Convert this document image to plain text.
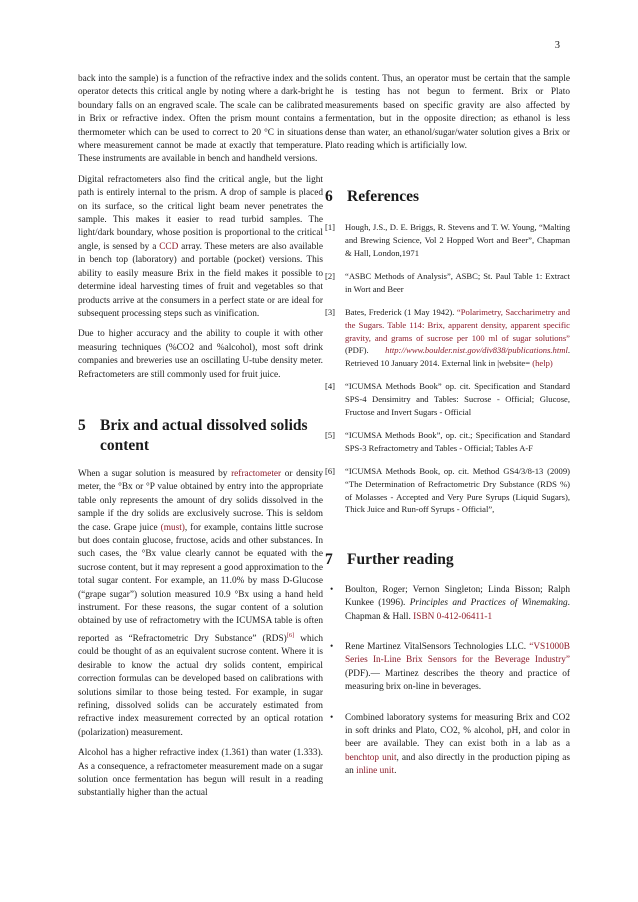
3

back into the sample) is a function of the refractive index and the operator detects this critical angle by noting where a dark-bright boundary falls on an engraved scale. The scale can be calibrated in Brix or refractive index. Often the prism mount contains a thermometer which can be used to correct to 20 °C in situations where measurement cannot be made at exactly that temperature. These instruments are available in bench and handheld versions.

Digital refractometers also find the critical angle, but the light path is entirely internal to the prism. A drop of sample is placed on its surface, so the critical light beam never penetrates the sample. This makes it easier to read turbid samples. The light/dark boundary, whose position is proportional to the critical angle, is sensed by a CCD array. These meters are also available in bench top (laboratory) and portable (pocket) versions. This ability to easily measure Brix in the field makes it possible to determine ideal harvesting times of fruit and vegetables so that products arrive at the consumers in a perfect state or are ideal for subsequent processing steps such as vinification.

Due to higher accuracy and the ability to couple it with other measuring techniques (%CO2 and %alcohol), most soft drink companies and breweries use an oscillating U-tube density meter. Refractometers are still commonly used for fruit juice.

5 Brix and actual dissolved solids content

When a sugar solution is measured by refractometer or density meter, the °Bx or °P value obtained by entry into the appropriate table only represents the amount of dry solids dissolved in the sample if the dry solids are exclusively sucrose. This is seldom the case. Grape juice (must), for example, contains little sucrose but does contain glucose, fructose, acids and other substances. In such cases, the °Bx value clearly cannot be equated with the sucrose content, but it may represent a good approximation to the total sugar content. For example, an 11.0% by mass D-Glucose (“grape sugar”) solution measured 10.9 °Bx using a hand held instrument. For these reasons, the sugar content of a solution obtained by use of refractometry with the ICUMSA table is often reported as “Refractometric Dry Substance” (RDS)[6] which could be thought of as an equivalent sucrose content. Where it is desirable to know the actual dry solids content, empirical correction formulas can be developed based on calibrations with solutions similar to those being tested. For example, in sugar refining, dissolved solids can be accurately estimated from refractive index measurement corrected by an optical rotation (polarization) measurement.

Alcohol has a higher refractive index (1.361) than water (1.333). As a consequence, a refractometer measurement made on a sugar solution once fermentation has begun will result in a reading substantially higher than the actual

solids content. Thus, an operator must be certain that the sample he is testing has not begun to ferment. Brix or Plato measurements based on specific gravity are also affected by fermentation, but in the opposite direction; as ethanol is less dense than water, an ethanol/sugar/water solution gives a Brix or Plato reading which is artificially low.

6 References
[1]	Hough, J.S., D. E. Briggs, R. Stevens and T. W. Young, “Malting and Brewing Science, Vol 2 Hopped Wort and Beer”, Chapman & Hall, London,1971
[2]	“ASBC Methods of Analysis”, ASBC; St. Paul Table 1: Extract in Wort and Beer
[3]	Bates, Frederick (1 May 1942). “Polarimetry, Saccharimetry and the Sugars. Table 114: Brix, apparent density, apparent specific gravity, and grams of sucrose per 100 ml of sugar solutions” (PDF). http://www.boulder.nist.gov/div838/publications.html. Retrieved 10 January 2014. External link in |website= (help)
[4]	“ICUMSA Methods Book” op. cit. Specification and Standard SPS-4 Densimitry and Tables: Sucrose - Official; Glucose, Fructose and Invert Sugars - Official
[5]	“ICUMSA Methods Book”, op. cit.; Specification and Standard SPS-3 Refractometry and Tables - Official; Tables A-F
[6]	“ICUMSA Methods Book, op. cit. Method GS4/3/8-13 (2009) “The Determination of Refractometric Dry Substance (RDS %) of Molasses - Accepted and Very Pure Syrups (Liquid Sugars), Thick Juice and Run-off Syrups - Official”,
7 Further reading
•	Boulton, Roger; Vernon Singleton; Linda Bisson; Ralph Kunkee (1996). Principles and Practices of Winemaking. Chapman & Hall. ISBN 0-412-06411-1
•	Rene Martinez VitalSensors Technologies LLC. “VS1000B Series In-Line Brix Sensors for the Beverage Industry” (PDF).— Martinez describes the theory and practice of measuring brix on-line in beverages.
•	Combined laboratory systems for measuring Brix and CO2 in soft drinks and Plato, CO2, % alcohol, pH, and color in beer are available. They can exist both in a lab as a benchtop unit, and also directly in the production piping as an inline unit.
